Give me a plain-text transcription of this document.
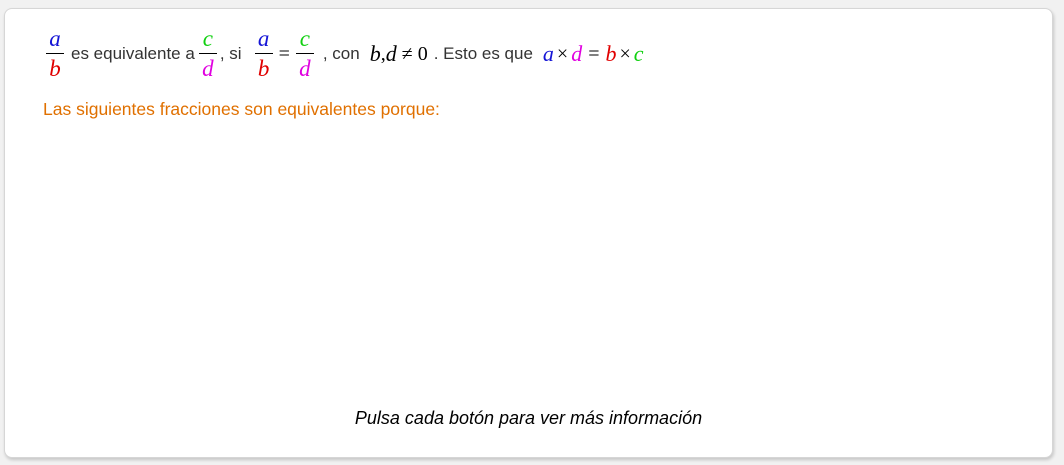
$\frac{a}{b}$ es equivalente a $\frac{c}{d}$ , si $\frac{a}{b} = \frac{c}{d}$ , con b , d ≠ 0 . Esto es que a × d = b × c
Las siguientes fracciones son equivalentes porque:
Pulsa cada botón para ver más información
